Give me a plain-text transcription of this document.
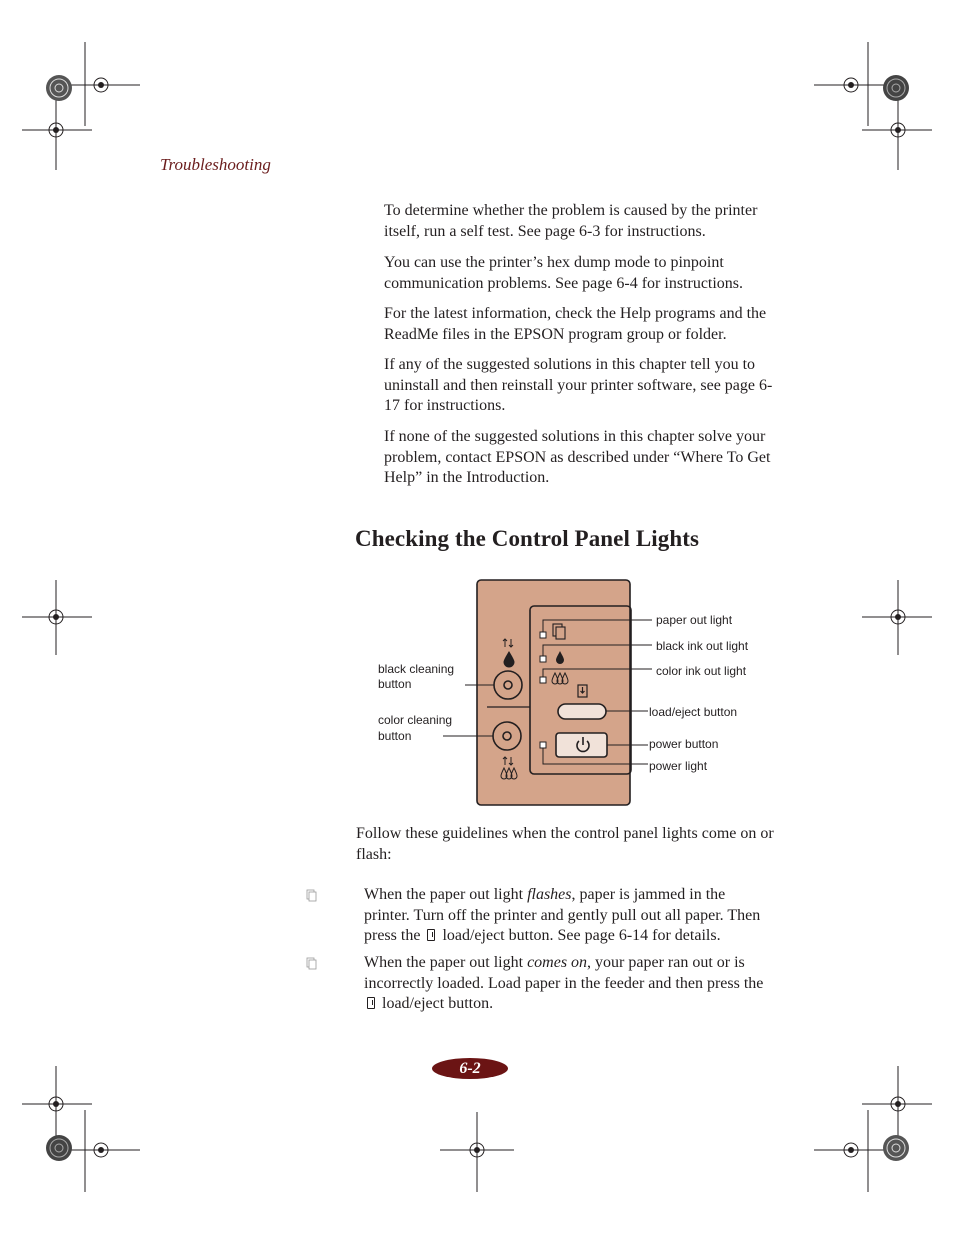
Troubleshooting

To determine whether the problem is caused by the printer itself, run a self test. See page 6-3 for instructions.

You can use the printer’s hex dump mode to pinpoint communication problems. See page 6-4 for instructions.

For the latest information, check the Help programs and the ReadMe files in the EPSON program group or folder.

If any of the suggested solutions in this chapter tell you to uninstall and then reinstall your printer software, see page 6-17 for instructions.

If none of the suggested solutions in this chapter solve your problem, contact EPSON as described under “Where To Get Help” in the Introduction.

Checking the Control Panel Lights
paper out light
black ink out light
color ink out light
load/eject button
power button
power light
black cleaning
button
color cleaning
button

Follow these guidelines when the control panel lights come on or flash:

When the paper out light flashes, paper is jammed in the printer. Turn off the printer and gently pull out all paper. Then press the  load/eject button. See page 6-14 for details.

When the paper out light comes on, your paper ran out or is incorrectly loaded. Load paper in the feeder and then press the  load/eject button.

6-2
